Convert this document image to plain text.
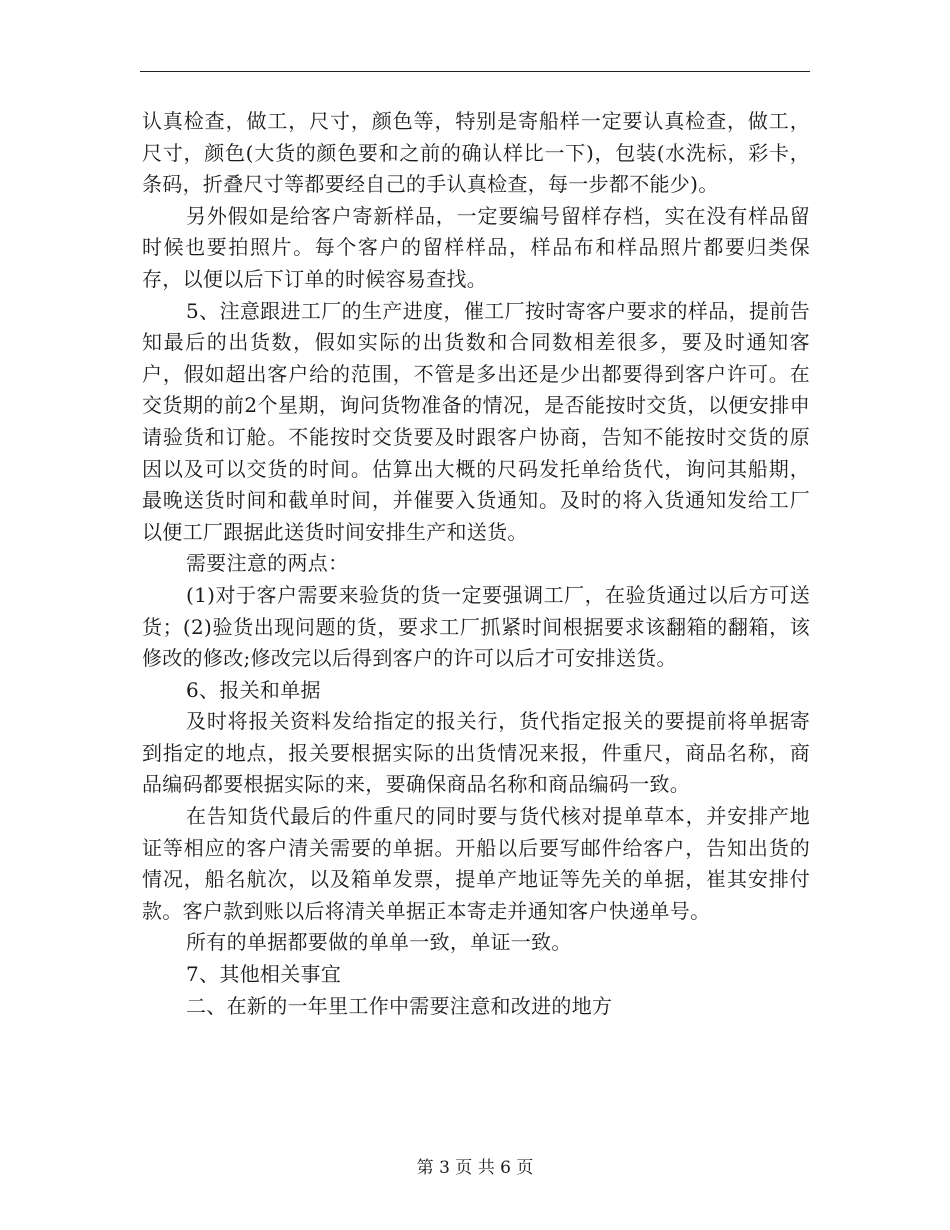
认真检查，做工，尺寸，颜色等，特别是寄船样一定要认真检查，做工，尺寸，颜色(大货的颜色要和之前的确认样比一下)，包装(水洗标，彩卡，条码，折叠尺寸等都要经自己的手认真检查，每一步都不能少)。

另外假如是给客户寄新样品，一定要编号留样存档，实在没有样品留时候也要拍照片。每个客户的留样样品，样品布和样品照片都要归类保存，以便以后下订单的时候容易查找。

5、注意跟进工厂的生产进度，催工厂按时寄客户要求的样品，提前告知最后的出货数，假如实际的出货数和合同数相差很多，要及时通知客户，假如超出客户给的范围，不管是多出还是少出都要得到客户许可。在交货期的前2个星期，询问货物准备的情况，是否能按时交货，以便安排申请验货和订舱。不能按时交货要及时跟客户协商，告知不能按时交货的原因以及可以交货的时间。估算出大概的尺码发托单给货代，询问其船期，最晚送货时间和截单时间，并催要入货通知。及时的将入货通知发给工厂以便工厂跟据此送货时间安排生产和送货。

需要注意的两点：

(1)对于客户需要来验货的货一定要强调工厂，在验货通过以后方可送货；(2)验货出现问题的货，要求工厂抓紧时间根据要求该翻箱的翻箱，该修改的修改;修改完以后得到客户的许可以后才可安排送货。

6、报关和单据

及时将报关资料发给指定的报关行，货代指定报关的要提前将单据寄到指定的地点，报关要根据实际的出货情况来报，件重尺，商品名称，商品编码都要根据实际的来，要确保商品名称和商品编码一致。

在告知货代最后的件重尺的同时要与货代核对提单草本，并安排产地证等相应的客户清关需要的单据。开船以后要写邮件给客户，告知出货的情况，船名航次，以及箱单发票，提单产地证等先关的单据，崔其安排付款。客户款到账以后将清关单据正本寄走并通知客户快递单号。

所有的单据都要做的单单一致，单证一致。

7、其他相关事宜

二、在新的一年里工作中需要注意和改进的地方

第 3 页 共 6 页
